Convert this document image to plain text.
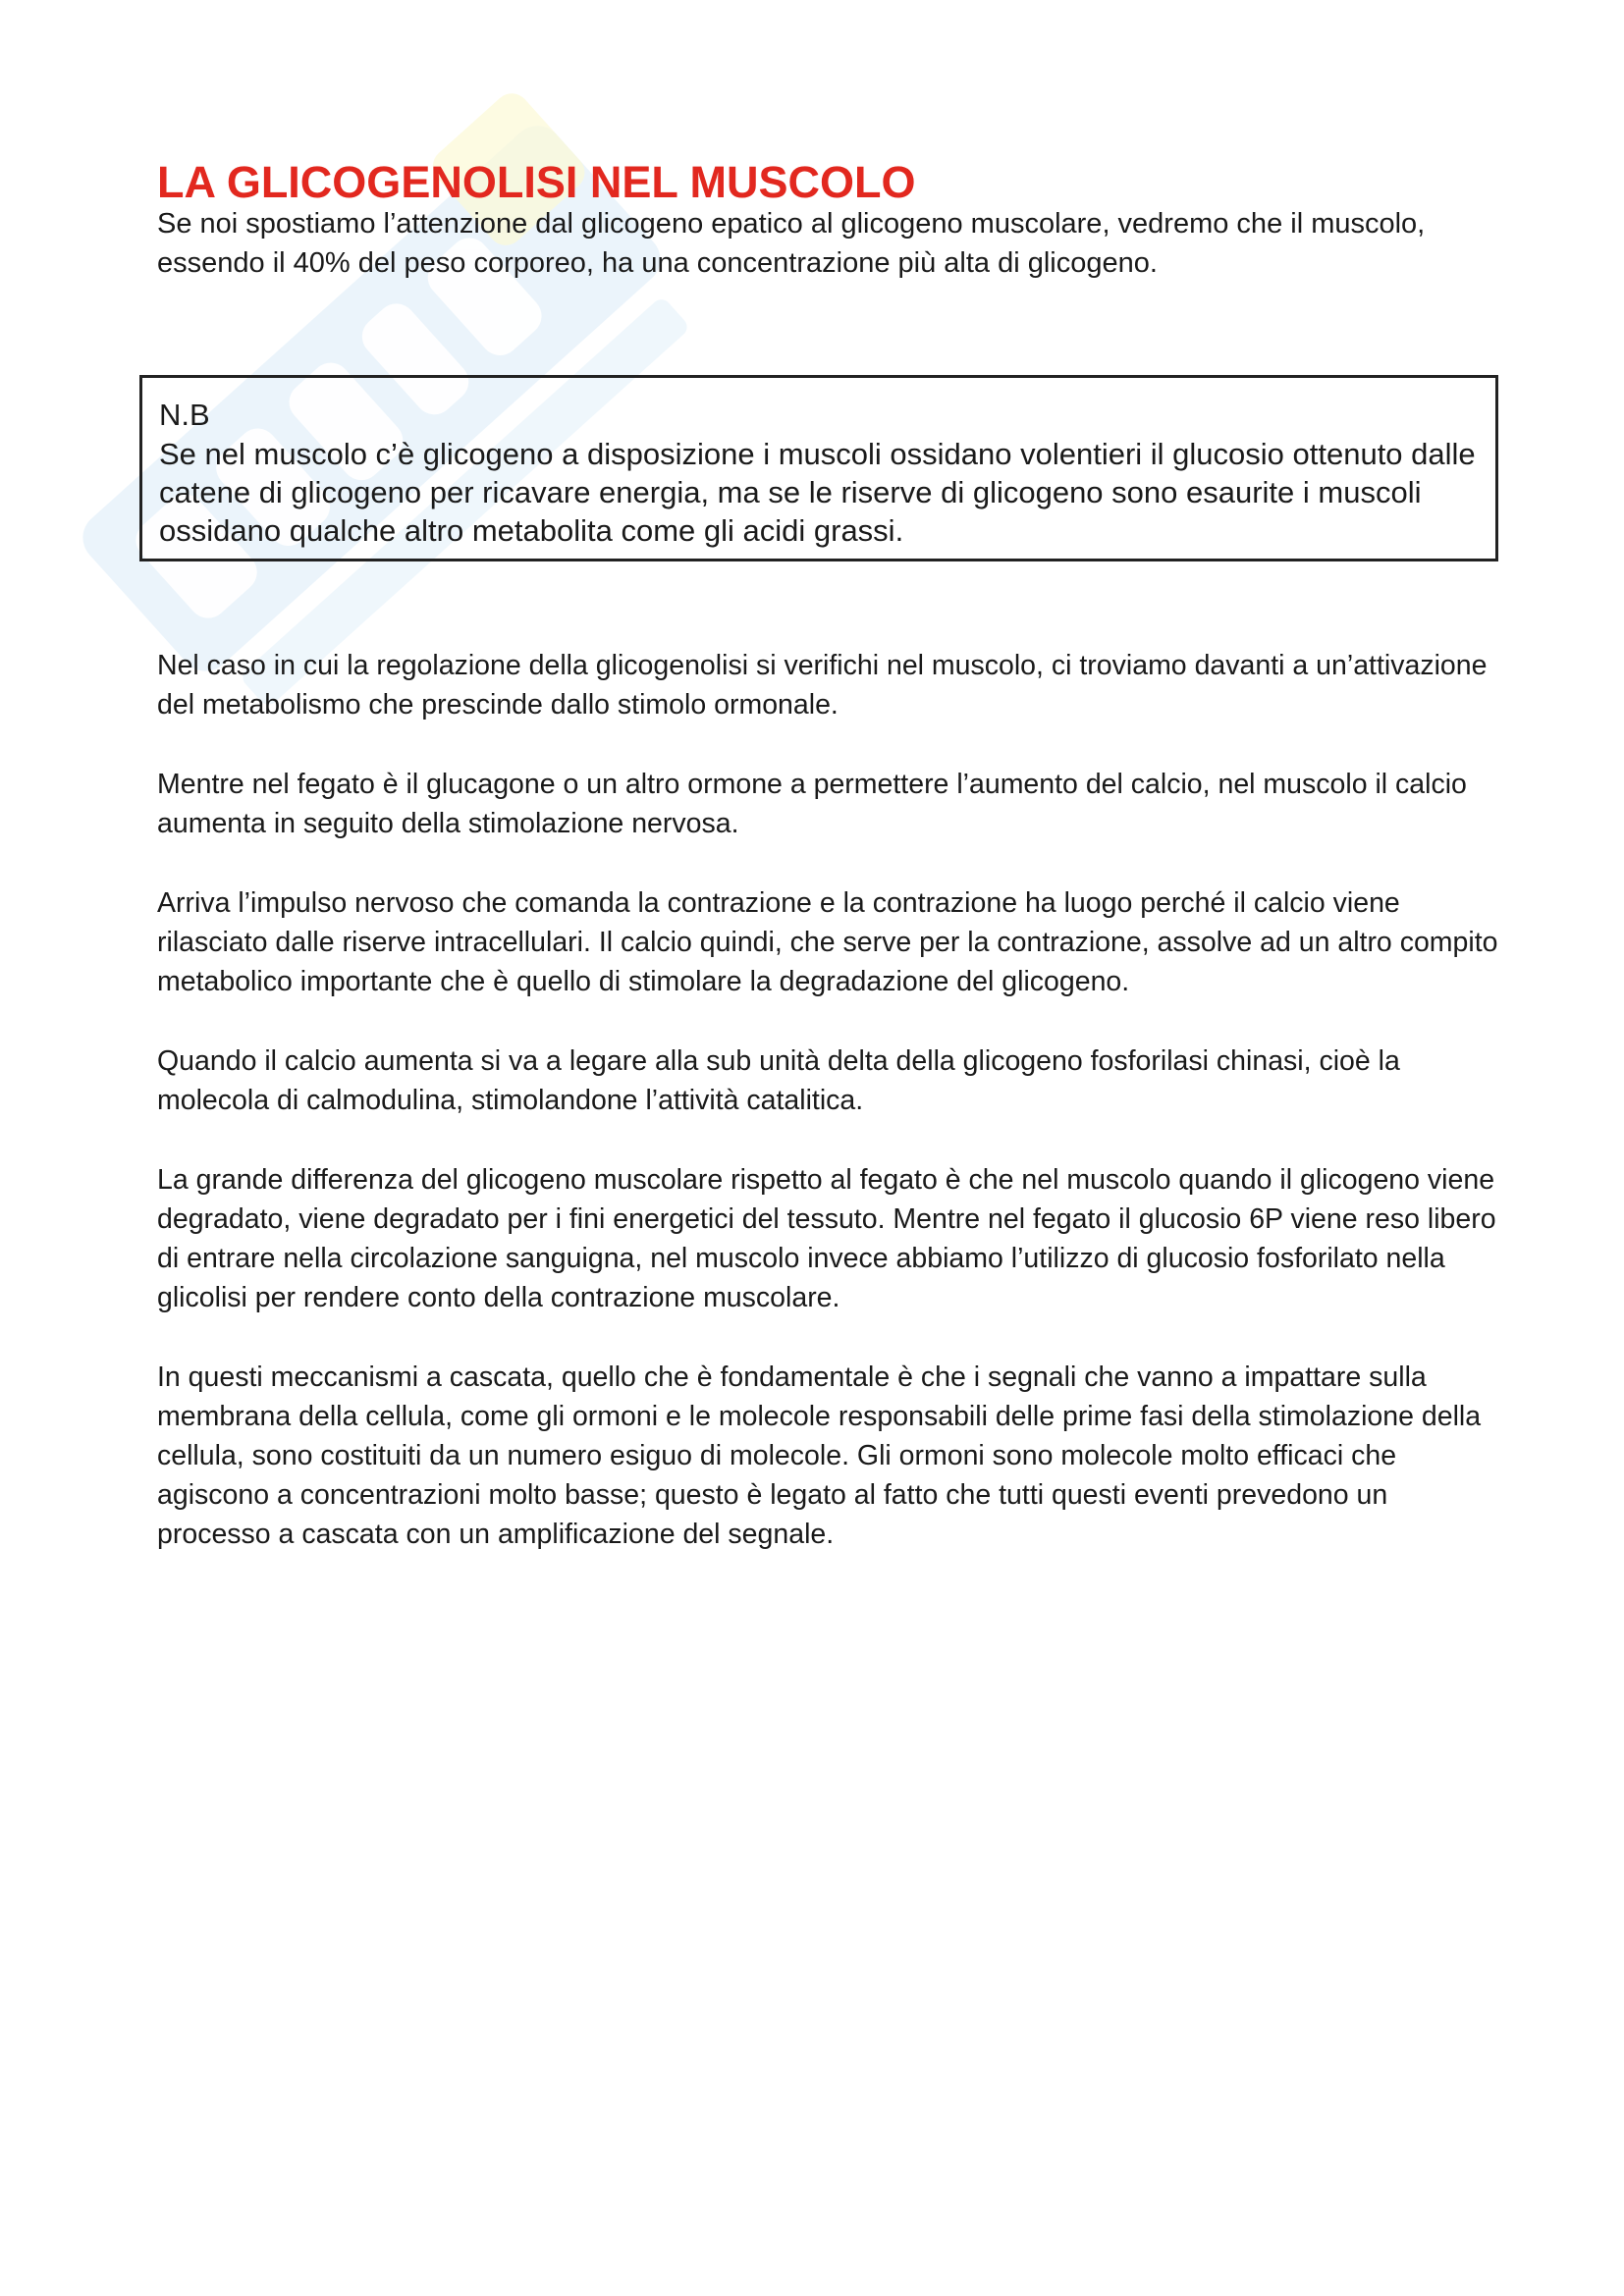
LA GLICOGENOLISI NEL MUSCOLO

Se noi spostiamo l’attenzione dal glicogeno epatico al glicogeno muscolare, vedremo che il muscolo, essendo il 40% del peso corporeo, ha una concentrazione più alta di glicogeno.

N.B

Se nel muscolo c’è glicogeno a disposizione i muscoli ossidano volentieri il glucosio ottenuto dalle catene di glicogeno per ricavare energia, ma se le riserve di glicogeno sono esaurite i muscoli ossidano qualche altro metabolita come gli acidi grassi.

Nel caso in cui la regolazione della glicogenolisi si verifichi nel muscolo, ci troviamo davanti a un’attivazione del metabolismo che prescinde dallo stimolo ormonale.

Mentre nel fegato è il glucagone o un altro ormone a permettere l’aumento del calcio, nel muscolo il calcio aumenta in seguito della stimolazione nervosa.

Arriva l’impulso nervoso che comanda la contrazione e la contrazione ha luogo perché il calcio viene rilasciato dalle riserve intracellulari. Il calcio quindi, che serve per la contrazione, assolve ad un altro compito metabolico importante che è quello di stimolare la degradazione del glicogeno.

Quando il calcio aumenta si va a legare alla sub unità delta della glicogeno fosforilasi chinasi, cioè la molecola di calmodulina, stimolandone l’attività catalitica.

La grande differenza del glicogeno muscolare rispetto al fegato è che nel muscolo quando il glicogeno viene degradato, viene degradato per i fini energetici del tessuto. Mentre nel fegato il glucosio 6P viene reso libero di entrare nella circolazione sanguigna, nel muscolo invece abbiamo l’utilizzo di glucosio fosforilato nella glicolisi per rendere conto della contrazione muscolare.

In questi meccanismi a cascata, quello che è fondamentale è che i segnali che vanno a impattare sulla membrana della cellula, come gli ormoni e le molecole responsabili delle prime fasi della stimolazione della cellula, sono costituiti da un numero esiguo di molecole. Gli ormoni sono molecole molto efficaci che agiscono a concentrazioni molto basse; questo è legato al fatto che tutti questi eventi prevedono un processo a cascata con un amplificazione del segnale.
